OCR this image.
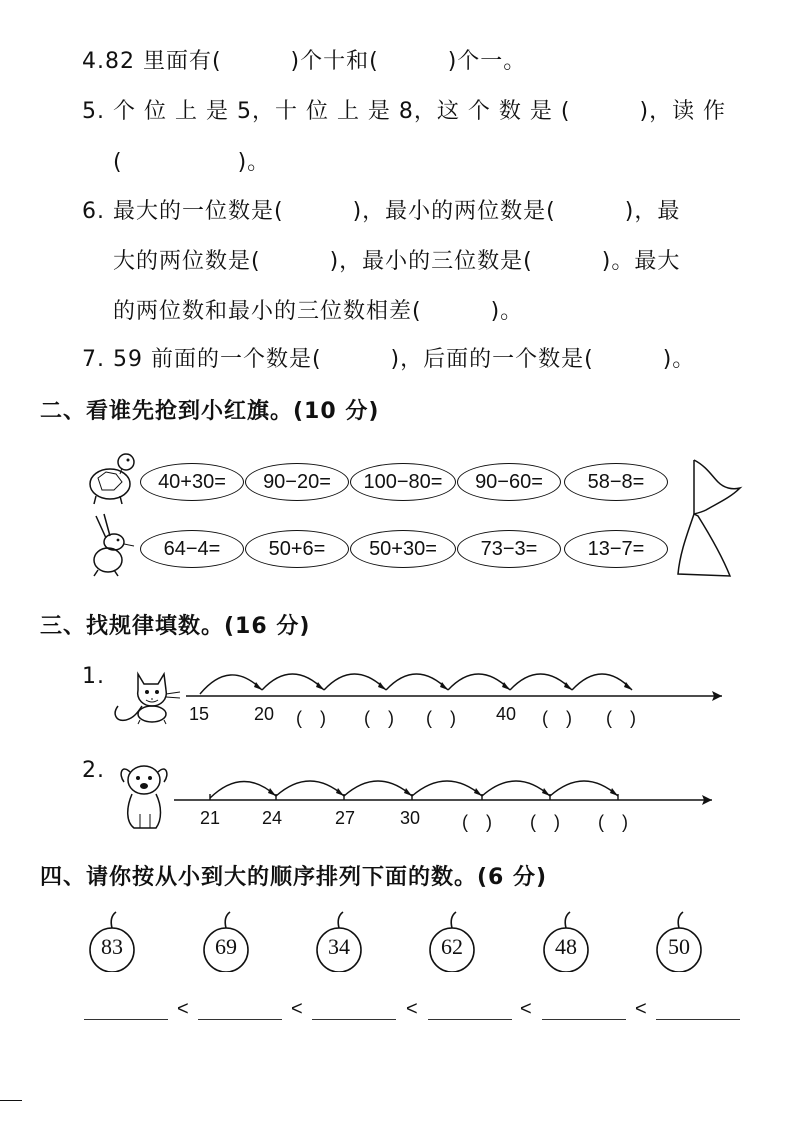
4.82 里面有(　　　)个十和(　　　)个一。
5. 个 位 上 是 5，十 位 上 是 8，这 个 数 是 (　　　)，读 作
(　　　　　)。
6. 最大的一位数是(　　　)，最小的两位数是(　　　)，最
大的两位数是(　　　)，最小的三位数是(　　　)。最大
的两位数和最小的三位数相差(　　　)。
7. 59 前面的一个数是(　　　)，后面的一个数是(　　　)。
二、看谁先抢到小红旗。(10 分)
40+30=	90−20=	100−80=	90−60=	58−8=
64−4=	50+6=	50+30=	73−3=	13−7=
三、找规律填数。(16 分)
1.
15 20 (　) (　) (　) 40 (　) (　)
2.
21 24	27 30 (　) (　) (　)
四、请你按从小到大的顺序排列下面的数。(6 分)
83	69	34	62	48	50
<	<	<	<	<
